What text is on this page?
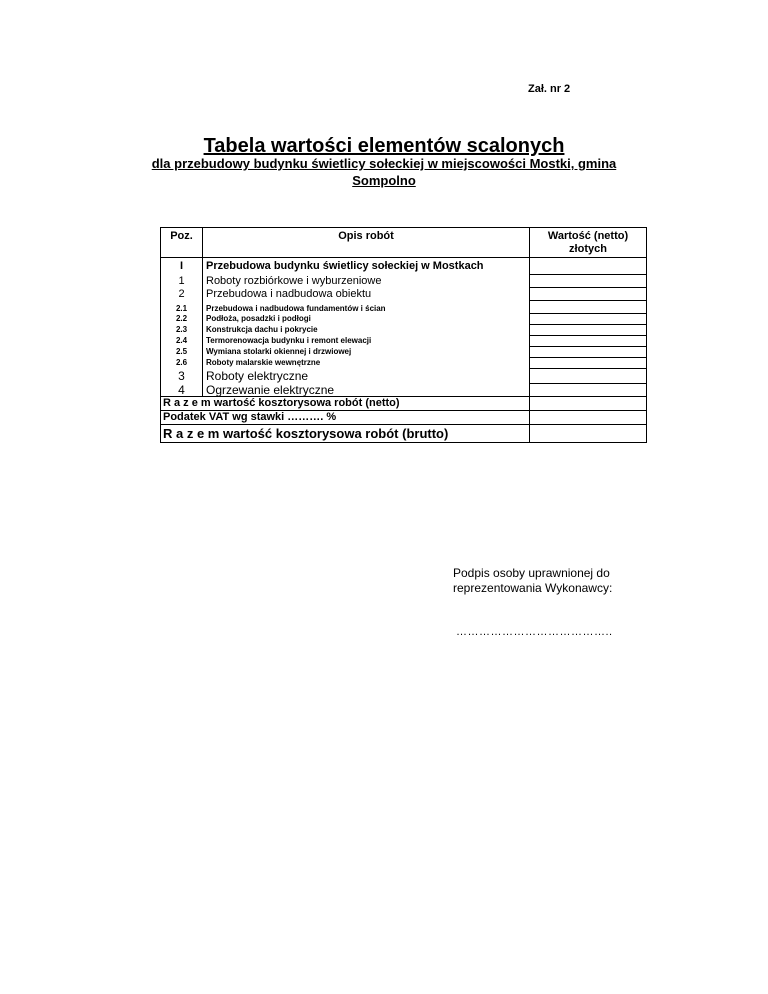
Zał. nr 2
Tabela wartości elementów scalonych
dla przebudowy budynku świetlicy sołeckiej w miejscowości Mostki, gmina Sompolno
Poz.	Opis robót	Wartość (netto) złotych
I	Przebudowa budynku świetlicy sołeckiej w Mostkach	
1	Roboty rozbiórkowe i wyburzeniowe	
2	Przebudowa i nadbudowa obiektu	
2.1	Przebudowa i nadbudowa fundamentów i ścian	
2.2	Podłoża, posadzki i podłogi	
2.3	Konstrukcja dachu i pokrycie	
2.4	Termorenowacja budynku i remont elewacji	
2.5	Wymiana stolarki okiennej i drzwiowej	
2.6	Roboty malarskie wewnętrzne	
3	Roboty elektryczne	
4	Ogrzewanie elektryczne	
R a z e m wartość kosztorysowa robót (netto)		
Podatek VAT wg stawki ………. %		
R a z e m wartość kosztorysowa robót (brutto)		
Podpis osoby uprawnionej do reprezentowania Wykonawcy:
…………………………………..
